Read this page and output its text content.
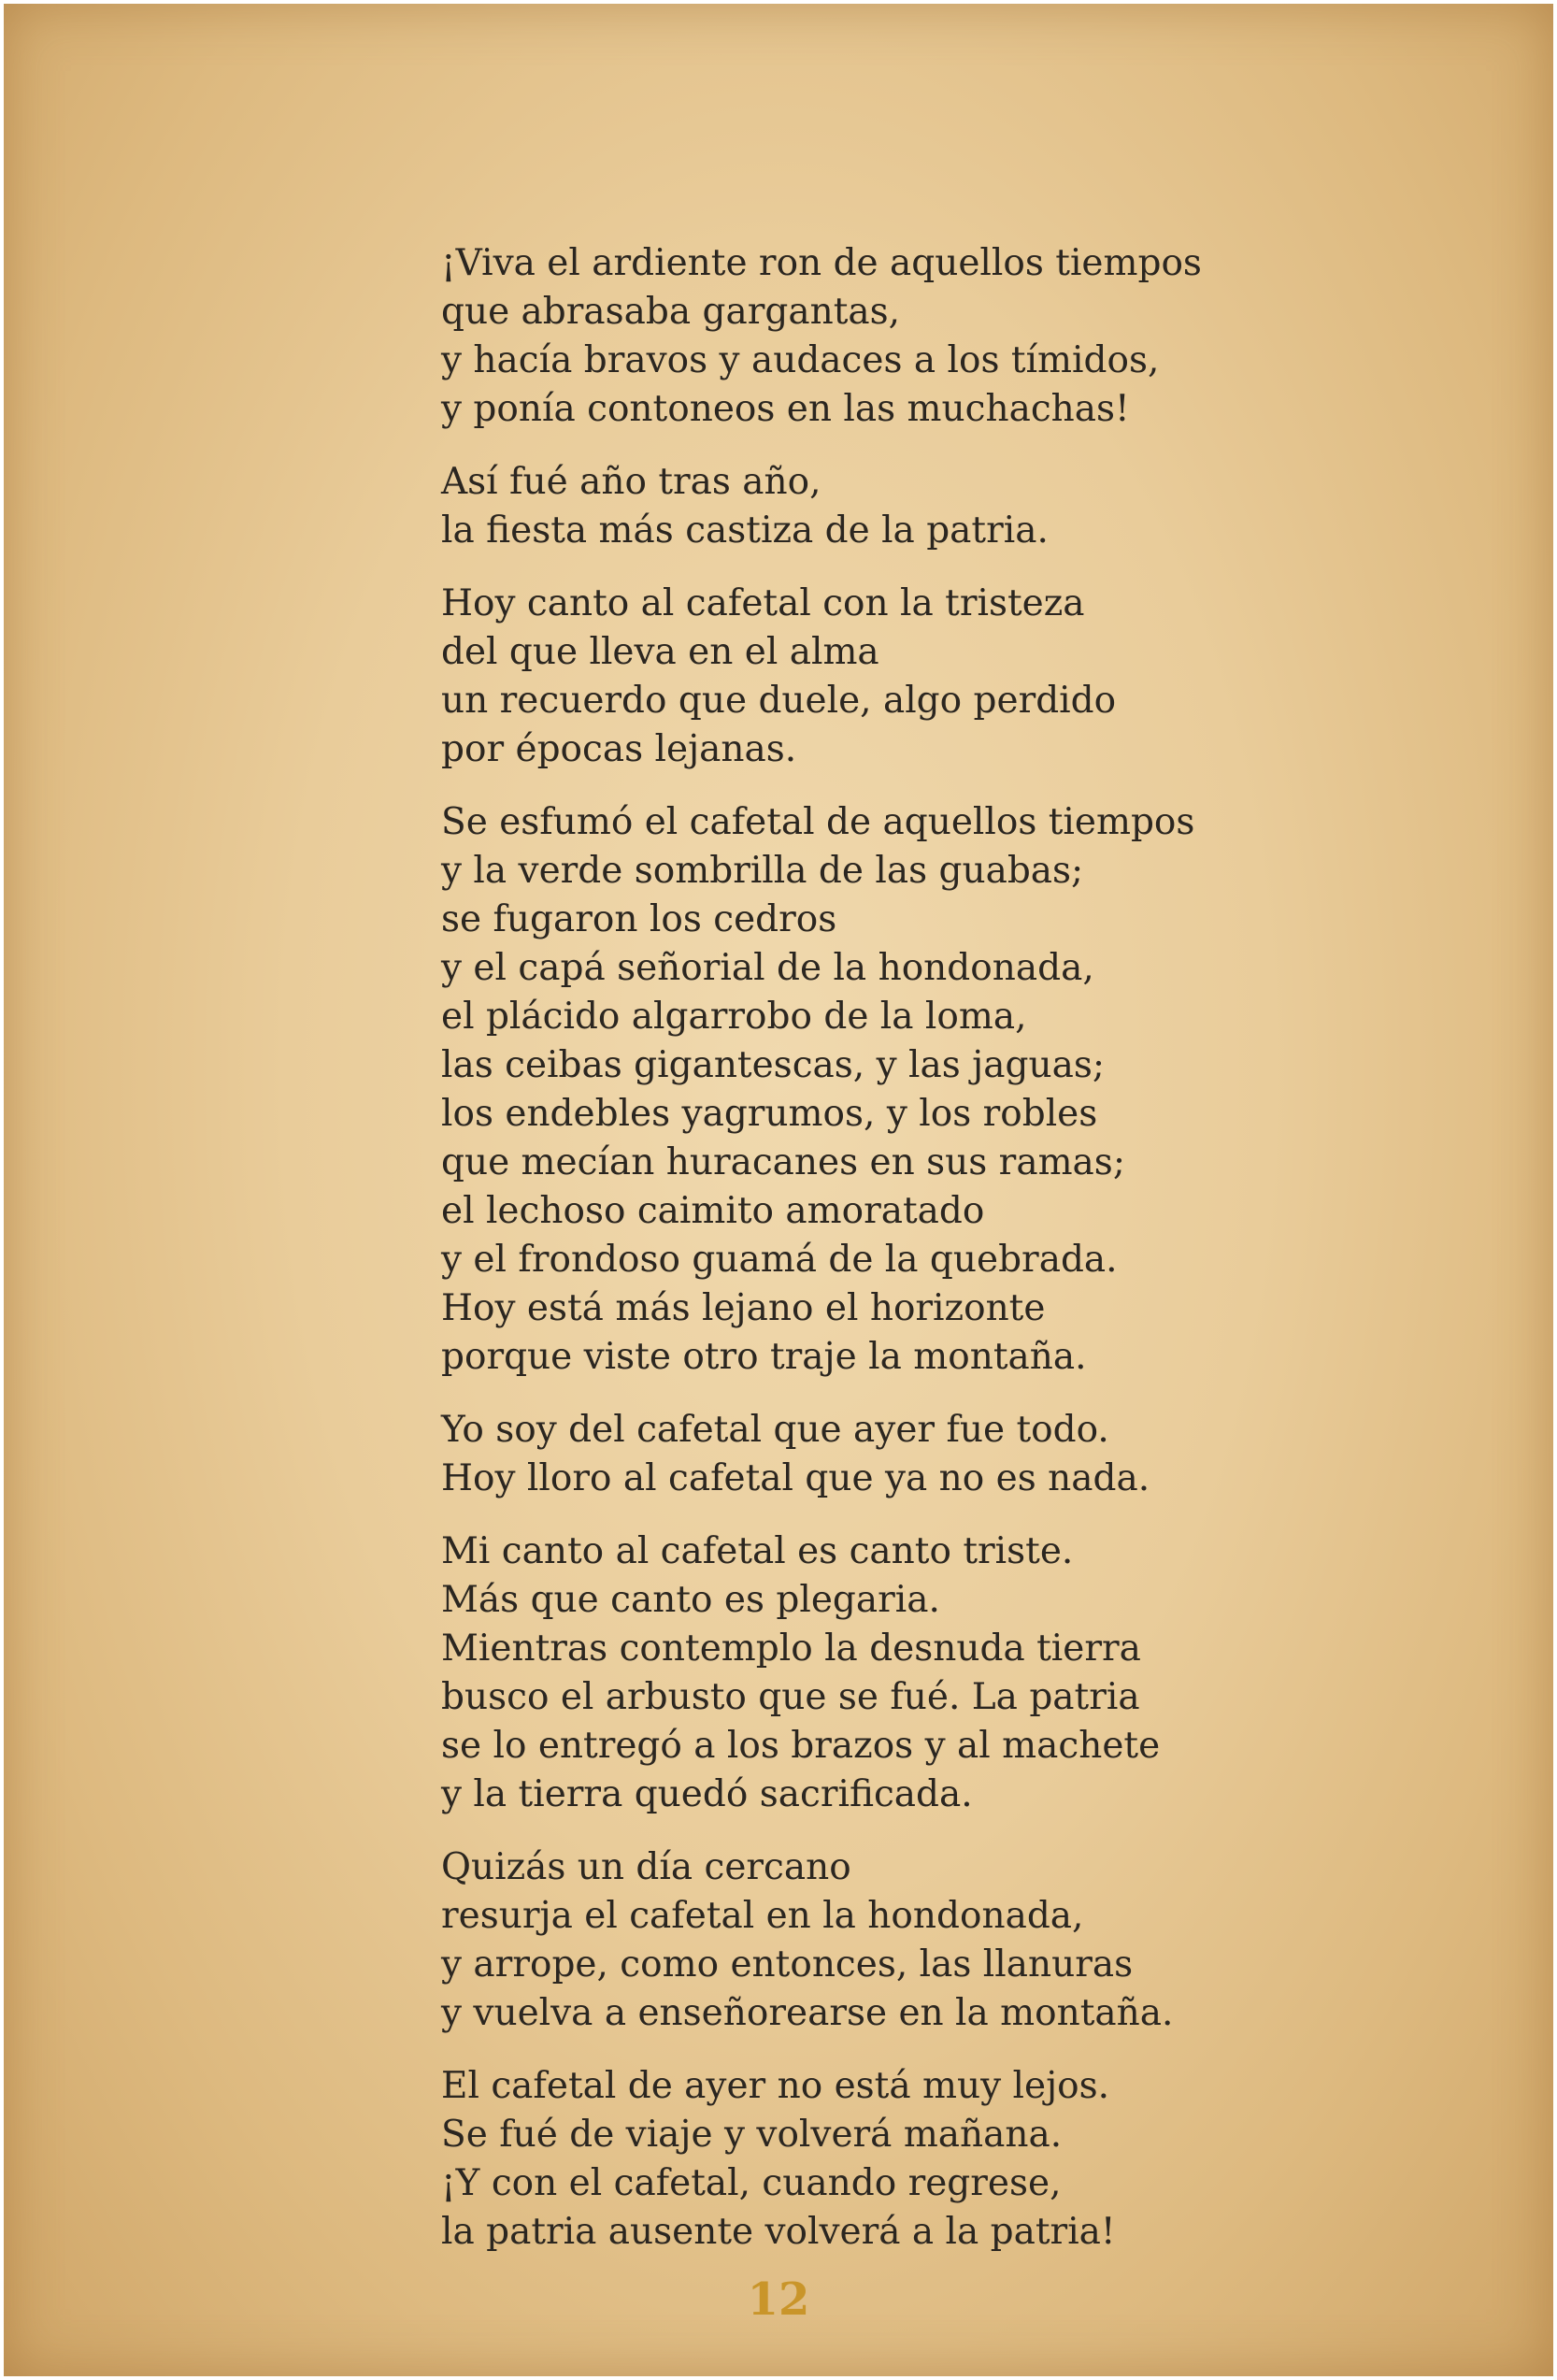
¡Viva el ardiente ron de aquellos tiempos
que abrasaba gargantas,
y hacía bravos y audaces a los tímidos,
y ponía contoneos en las muchachas!
Así fué año tras año,
la fiesta más castiza de la patria.
Hoy canto al cafetal con la tristeza
del que lleva en el alma
un recuerdo que duele, algo perdido
por épocas lejanas.
Se esfumó el cafetal de aquellos tiempos
y la verde sombrilla de las guabas;
se fugaron los cedros
y el capá señorial de la hondonada,
el plácido algarrobo de la loma,
las ceibas gigantescas, y las jaguas;
los endebles yagrumos, y los robles
que mecían huracanes en sus ramas;
el lechoso caimito amoratado
y el frondoso guamá de la quebrada.
Hoy está más lejano el horizonte
porque viste otro traje la montaña.
Yo soy del cafetal que ayer fue todo.
Hoy lloro al cafetal que ya no es nada.
Mi canto al cafetal es canto triste.
Más que canto es plegaria.
Mientras contemplo la desnuda tierra
busco el arbusto que se fué. La patria
se lo entregó a los brazos y al machete
y la tierra quedó sacrificada.
Quizás un día cercano
resurja el cafetal en la hondonada,
y arrope, como entonces, las llanuras
y vuelva a enseñorearse en la montaña.
El cafetal de ayer no está muy lejos.
Se fué de viaje y volverá mañana.
¡Y con el cafetal, cuando regrese,
la patria ausente volverá a la patria!
12
